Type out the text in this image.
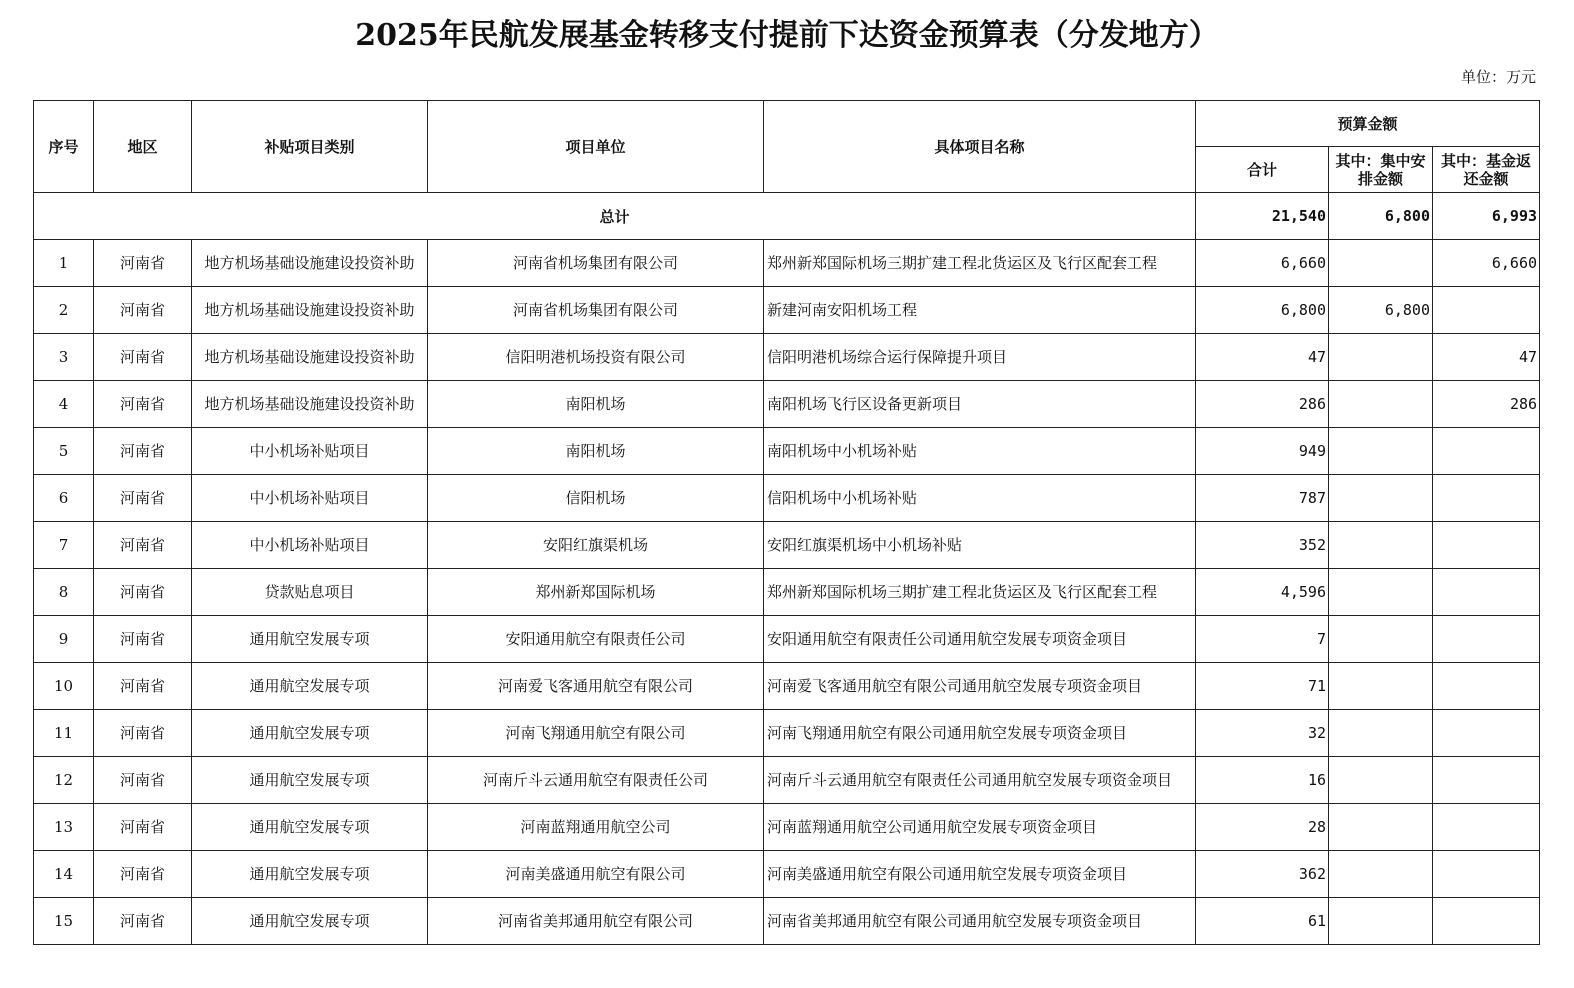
2025年民航发展基金转移支付提前下达资金预算表（分发地方）
单位：万元
序号	地区	补贴项目类别	项目单位	具体项目名称	预算金额		
					合计	其中：集中安排金额	其中：基金返还金额
总计					21,540	6,800	6,993
1	河南省	地方机场基础设施建设投资补助	河南省机场集团有限公司	郑州新郑国际机场三期扩建工程北货运区及飞行区配套工程	6,660		6,660
2	河南省	地方机场基础设施建设投资补助	河南省机场集团有限公司	新建河南安阳机场工程	6,800	6,800	
3	河南省	地方机场基础设施建设投资补助	信阳明港机场投资有限公司	信阳明港机场综合运行保障提升项目	47		47
4	河南省	地方机场基础设施建设投资补助	南阳机场	南阳机场飞行区设备更新项目	286		286
5	河南省	中小机场补贴项目	南阳机场	南阳机场中小机场补贴	949		
6	河南省	中小机场补贴项目	信阳机场	信阳机场中小机场补贴	787		
7	河南省	中小机场补贴项目	安阳红旗渠机场	安阳红旗渠机场中小机场补贴	352		
8	河南省	贷款贴息项目	郑州新郑国际机场	郑州新郑国际机场三期扩建工程北货运区及飞行区配套工程	4,596		
9	河南省	通用航空发展专项	安阳通用航空有限责任公司	安阳通用航空有限责任公司通用航空发展专项资金项目	7		
10	河南省	通用航空发展专项	河南爱飞客通用航空有限公司	河南爱飞客通用航空有限公司通用航空发展专项资金项目	71		
11	河南省	通用航空发展专项	河南飞翔通用航空有限公司	河南飞翔通用航空有限公司通用航空发展专项资金项目	32		
12	河南省	通用航空发展专项	河南斤斗云通用航空有限责任公司	河南斤斗云通用航空有限责任公司通用航空发展专项资金项目	16		
13	河南省	通用航空发展专项	河南蓝翔通用航空公司	河南蓝翔通用航空公司通用航空发展专项资金项目	28		
14	河南省	通用航空发展专项	河南美盛通用航空有限公司	河南美盛通用航空有限公司通用航空发展专项资金项目	362		
15	河南省	通用航空发展专项	河南省美邦通用航空有限公司	河南省美邦通用航空有限公司通用航空发展专项资金项目	61		
